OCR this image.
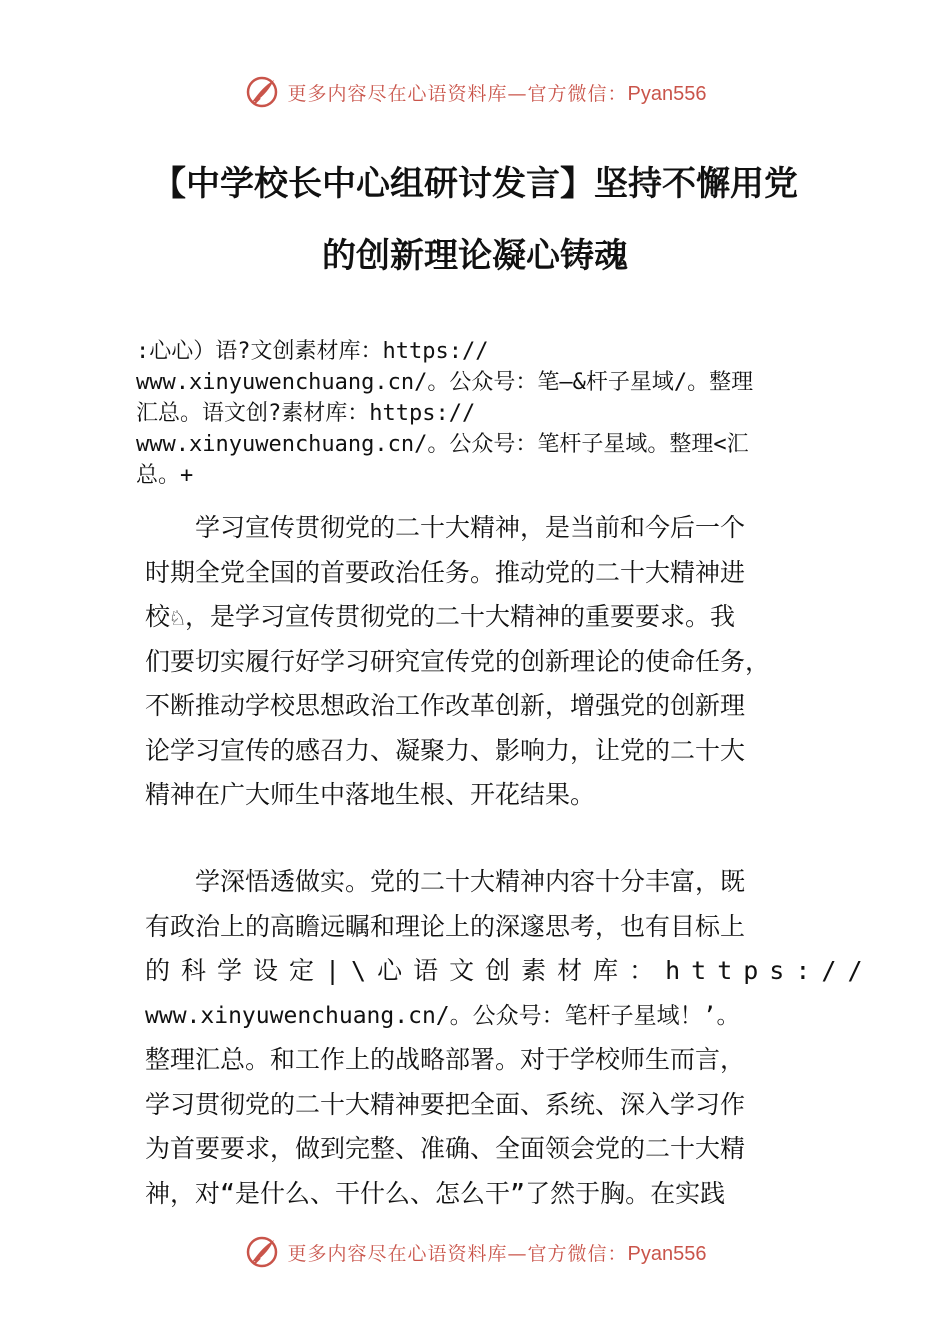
更多内容尽在心语资料库—官方微信：Pyan556
【中学校长中心组研讨发言】坚持不懈用党
的创新理论凝心铸魂
:心心）语?文创素材库：https://
www.xinyuwenchuang.cn/。公众号：笔—&杆子星域/。整理
汇总。语文创?素材库：https://
www.xinyuwenchuang.cn/。公众号：笔杆子星域。整理<汇
总。+
　　学习宣传贯彻党的二十大精神，是当前和今后一个
时期全党全国的首要政治任务。推动党的二十大精神进
校♘，是学习宣传贯彻党的二十大精神的重要要求。我
们要切实履行好学习研究宣传党的创新理论的使命任务，
不断推动学校思想政治工作改革创新，增强党的创新理
论学习宣传的感召力、凝聚力、影响力，让党的二十大
精神在广大师生中落地生根、开花结果。
　　学深悟透做实。党的二十大精神内容十分丰富，既
有政治上的高瞻远瞩和理论上的深邃思考，也有目标上
的科学设定|\心语文创素材库：https://
www.xinyuwenchuang.cn/。公众号：笔杆子星域！’。
整理汇总。和工作上的战略部署。对于学校师生而言，
学习贯彻党的二十大精神要把全面、系统、深入学习作
为首要要求，做到完整、准确、全面领会党的二十大精
神，对“是什么、干什么、怎么干”了然于胸。在实践
更多内容尽在心语资料库—官方微信：Pyan556
